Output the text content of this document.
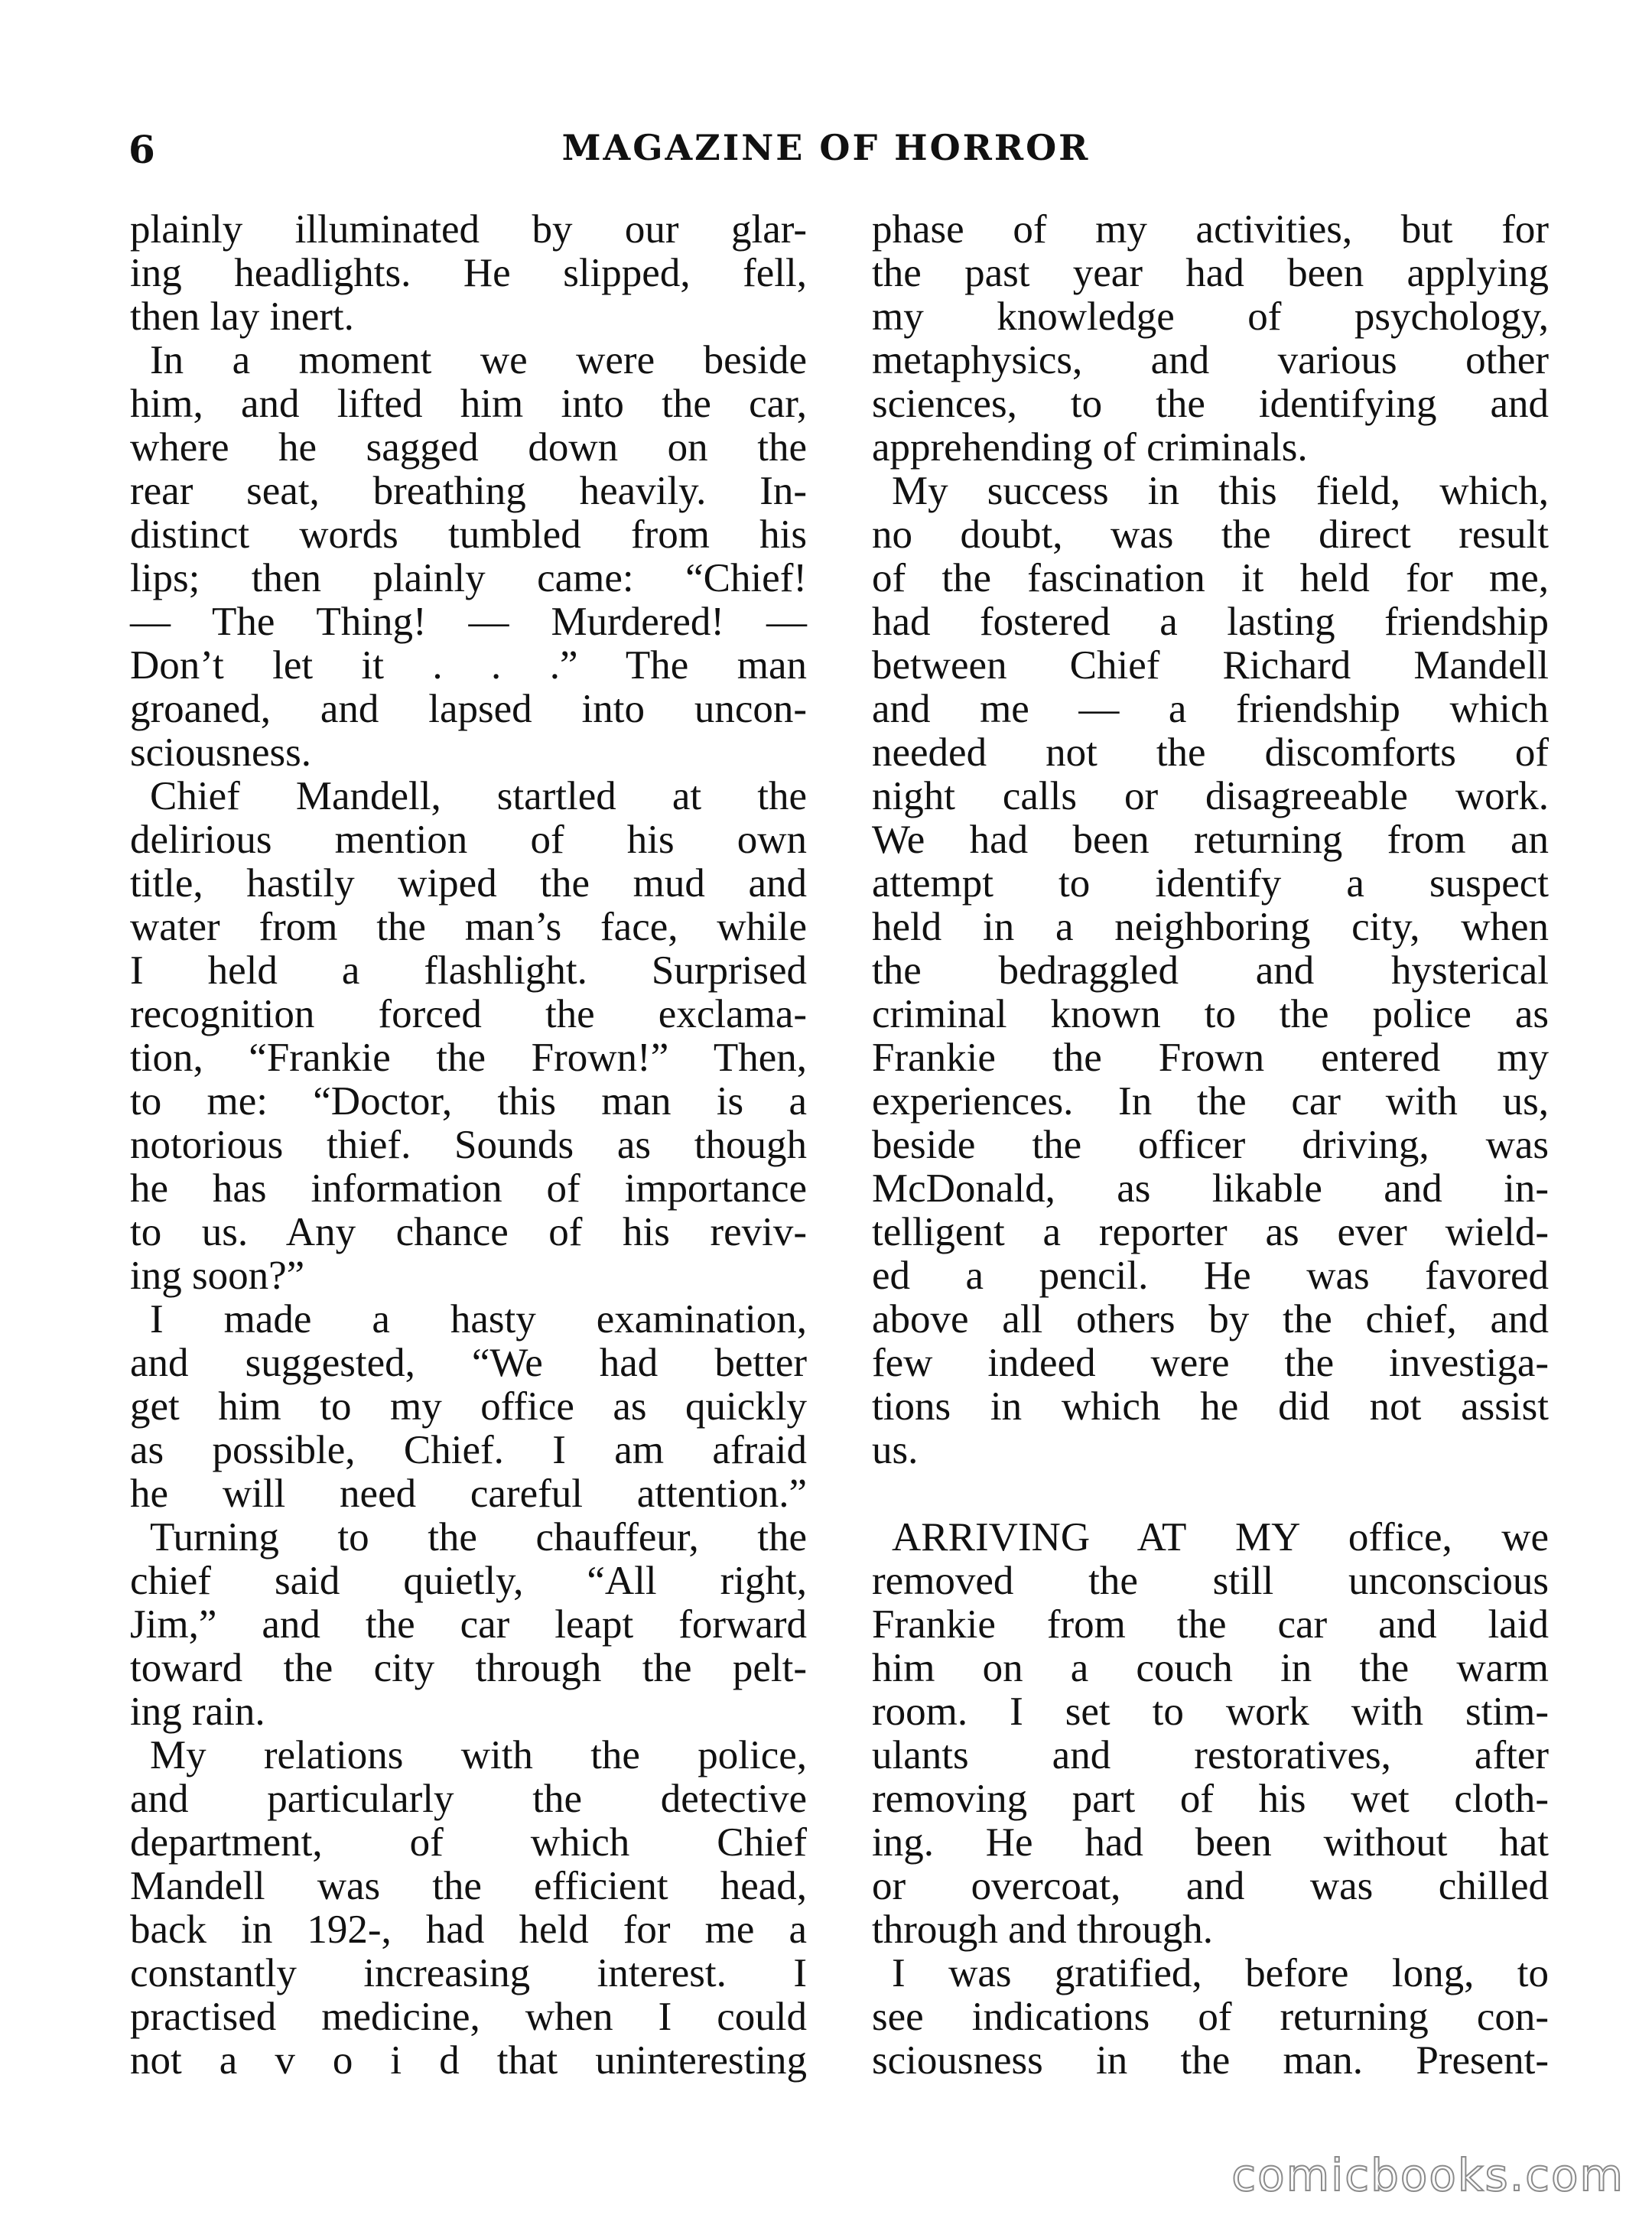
6	MAGAZINE OF HORROR
plainly illuminated by our glar-
ing headlights. He slipped, fell,
then lay inert.
In a moment we were beside
him, and lifted him into the car,
where he sagged down on the
rear seat, breathing heavily. In-
distinct words tumbled from his
lips; then plainly came: “Chief!
— The Thing! — Murdered! —
Don’t let it . . .” The man
groaned, and lapsed into uncon-
sciousness.
Chief Mandell, startled at the
delirious mention of his own
title, hastily wiped the mud and
water from the man’s face, while
I held a flashlight. Surprised
recognition forced the exclama-
tion, “Frankie the Frown!” Then,
to me: “Doctor, this man is a
notorious thief. Sounds as though
he has information of importance
to us. Any chance of his reviv-
ing soon?”
I made a hasty examination,
and suggested, “We had better
get him to my office as quickly
as possible, Chief. I am afraid
he will need careful attention.”
Turning to the chauffeur, the
chief said quietly, “All right,
Jim,” and the car leapt forward
toward the city through the pelt-
ing rain.
My relations with the police,
and particularly the detective
department, of which Chief
Mandell was the efficient head,
back in 192-, had held for me a
constantly increasing interest. I
practised medicine, when I could
not a v o i d that uninteresting
phase of my activities, but for
the past year had been applying
my knowledge of psychology,
metaphysics, and various other
sciences, to the identifying and
apprehending of criminals.
My success in this field, which,
no doubt, was the direct result
of the fascination it held for me,
had fostered a lasting friendship
between Chief Richard Mandell
and me — a friendship which
needed not the discomforts of
night calls or disagreeable work.
We had been returning from an
attempt to identify a suspect
held in a neighboring city, when
the bedraggled and hysterical
criminal known to the police as
Frankie the Frown entered my
experiences. In the car with us,
beside the officer driving, was
McDonald, as likable and in-
telligent a reporter as ever wield-
ed a pencil. He was favored
above all others by the chief, and
few indeed were the investiga-
tions in which he did not assist
us.
ARRIVING AT MY office, we
removed the still unconscious
Frankie from the car and laid
him on a couch in the warm
room. I set to work with stim-
ulants and restoratives, after
removing part of his wet cloth-
ing. He had been without hat
or overcoat, and was chilled
through and through.
I was gratified, before long, to
see indications of returning con-
sciousness in the man. Present-
comicbooks.com
